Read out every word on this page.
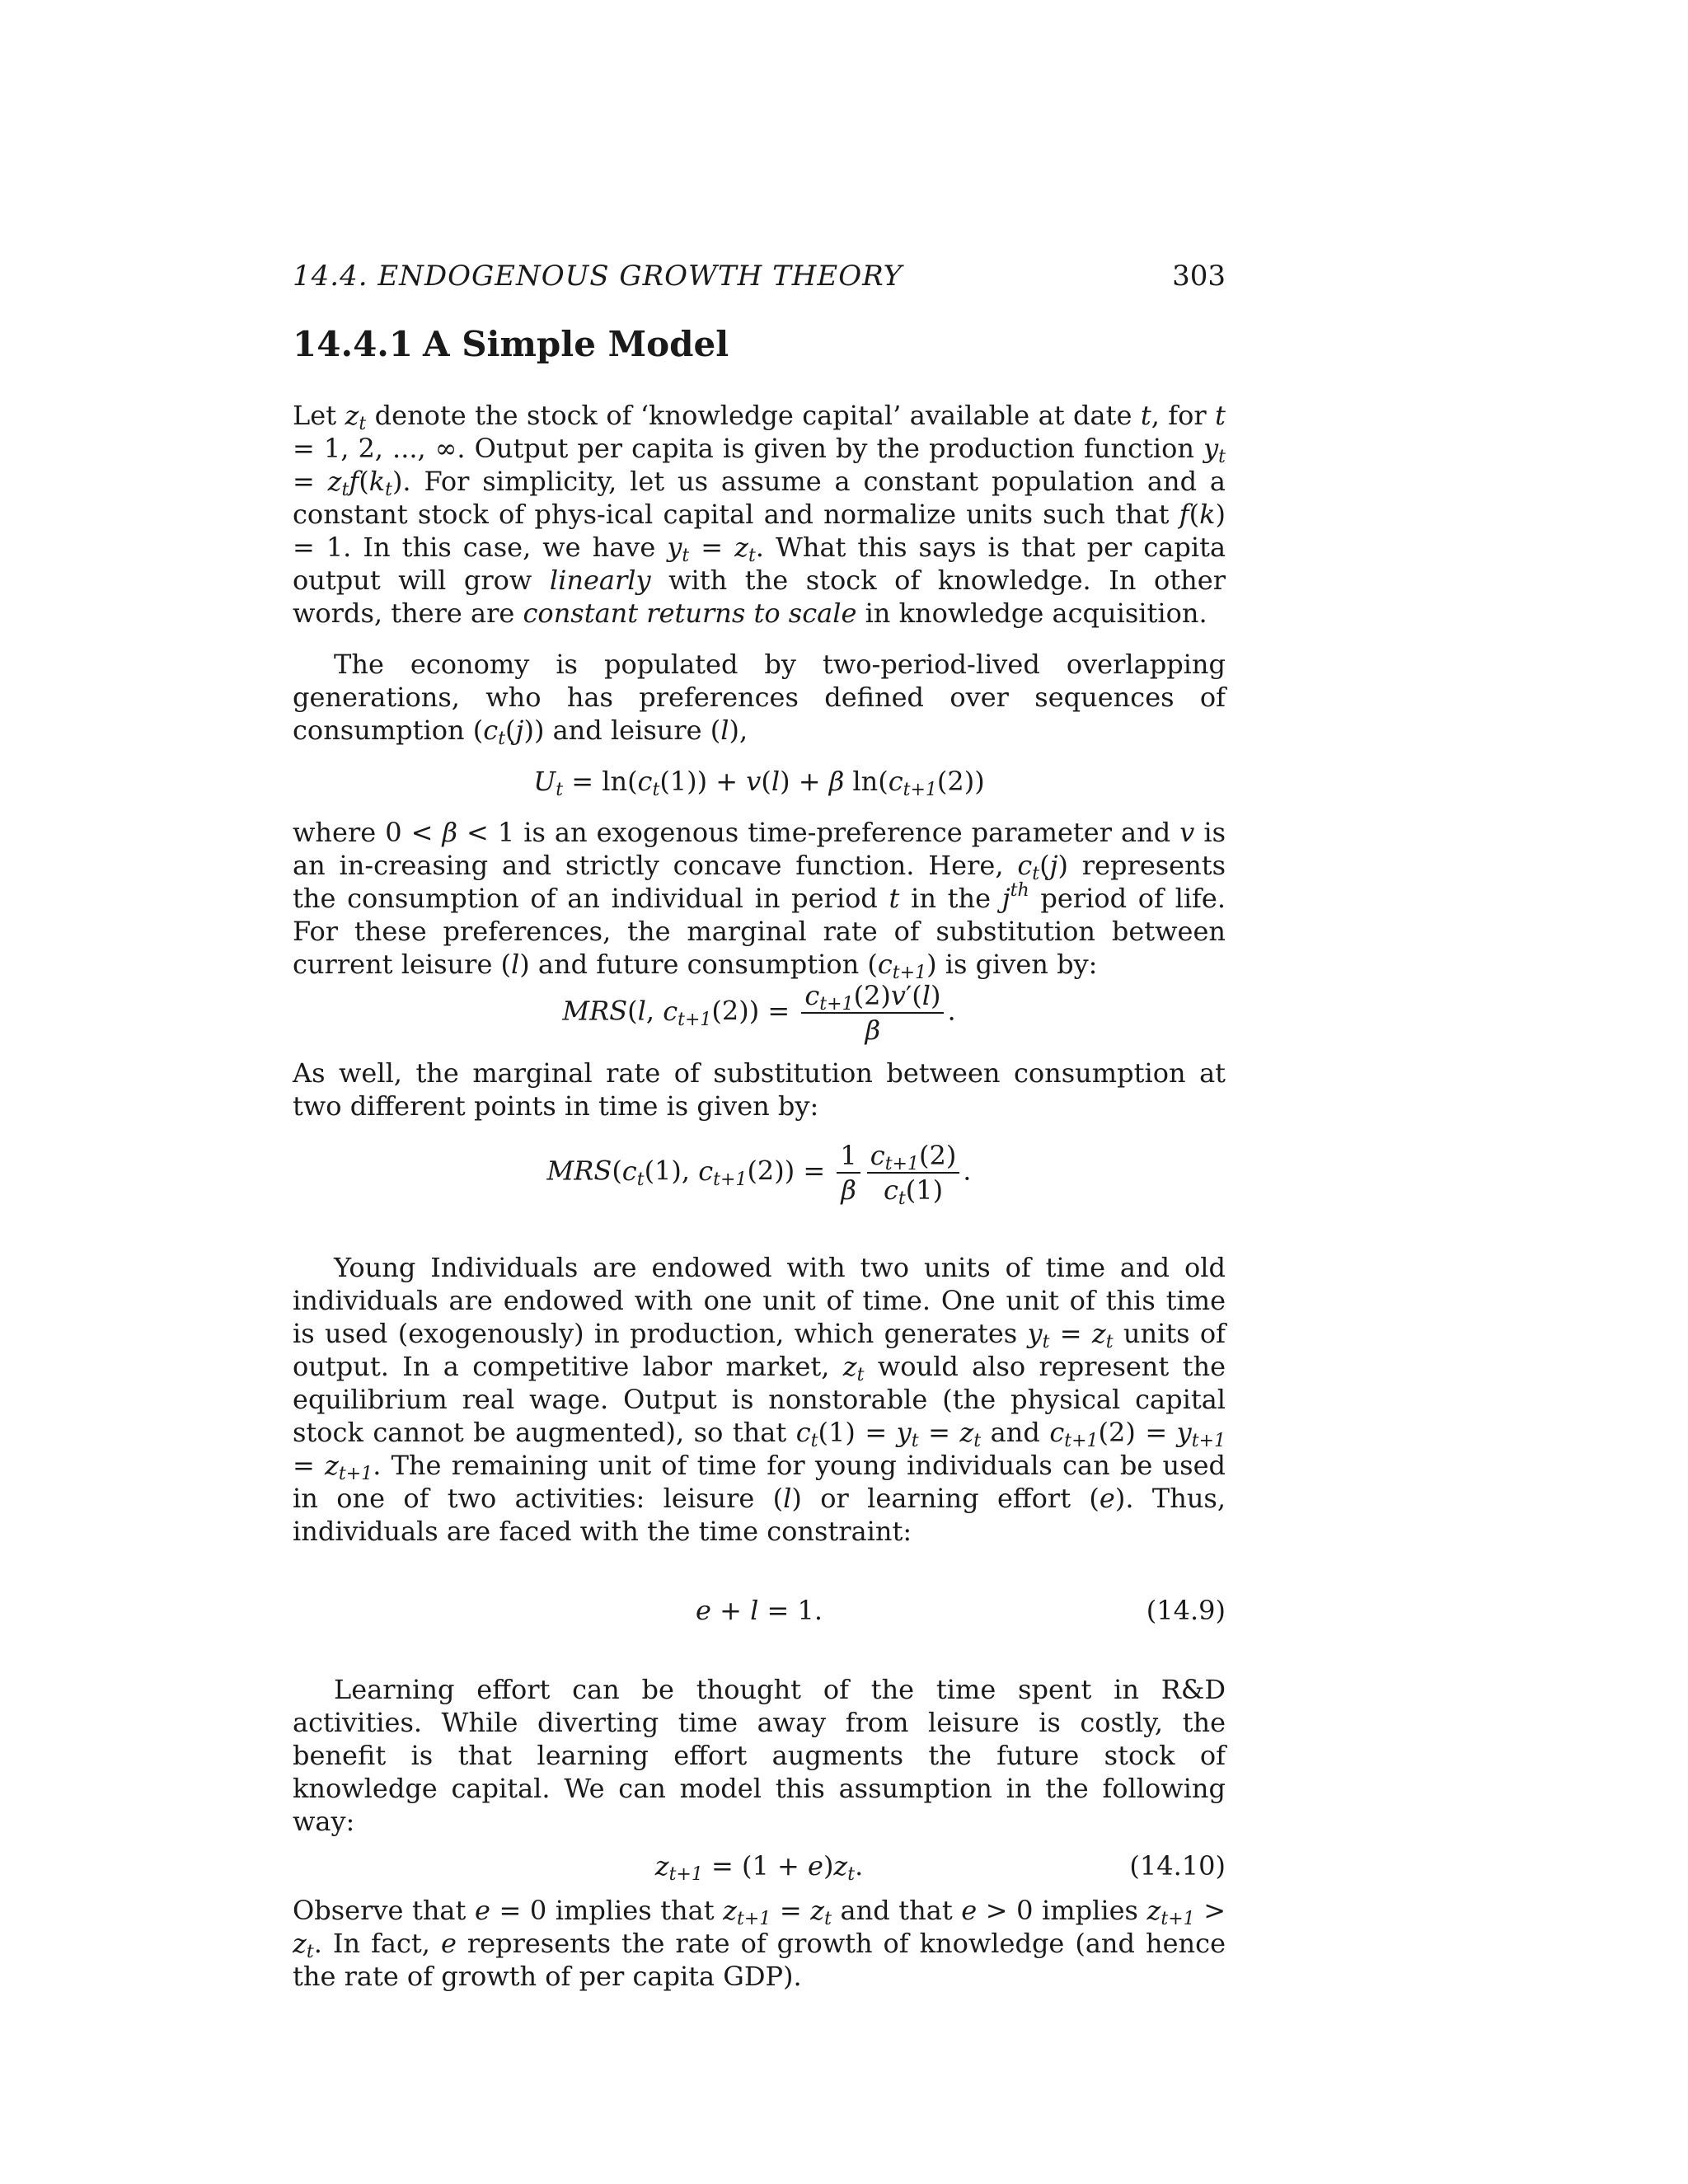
14.4. ENDOGENOUS GROWTH THEORY	303
14.4.1 A Simple Model

Let $z_t$ denote the stock of ‘knowledge capital’ available at date t, for t = 1, 2, ..., ∞. Output per capita is given by the production function $y_t = z_tf(k_t)$. For simplicity, let us assume a constant population and a constant stock of phys-ical capital and normalize units such that f(k) = 1. In this case, we have $y_t = z_t$. What this says is that per capita output will grow linearly with the stock of knowledge. In other words, there are constant returns to scale in knowledge acquisition.

The economy is populated by two-period-lived overlapping generations, who has preferences defined over sequences of consumption $(c_t(j))$ and leisure (l),

$U_t = \ln(c_t(1)) + v(l) + \beta$ $\ln(c_{t+1}(2))$

where 0 < β < 1 is an exogenous time-preference parameter and v is an in-creasing and strictly concave function. Here, $c_t(j)$ represents the consumption of an individual in period t in the $j^{th}$ period of life. For these preferences, the marginal rate of substitution between current leisure (l) and future consumption $(c_{t+1})$ is given by:

MRS(l, $c_{t+1}(2)) = \frac{c_{t+1}(2)v'(l)}{\beta}$ .

As well, the marginal rate of substitution between consumption at two different points in time is given by:

$MRS(c_t(1)$, $c_{t+1}(2)) = \frac{1}{\beta} \frac{c_{t+1}(2)}{c_t(1)}$ .

Young Individuals are endowed with two units of time and old individuals are endowed with one unit of time. One unit of this time is used (exogenously) in production, which generates $y_t = z_t$ units of output. In a competitive labor market, $z_t$ would also represent the equilibrium real wage. Output is nonstorable (the physical capital stock cannot be augmented), so that $c_t(1) = y_t = z_t$ and $c_{t+1}(2) = y_{t+1} = z_{t+1}$. The remaining unit of time for young individuals can be used in one of two activities: leisure (l) or learning effort (e). Thus, individuals are faced with the time constraint:

e + l = 1.	(14.9)

Learning effort can be thought of the time spent in R&D activities. While diverting time away from leisure is costly, the benefit is that learning effort augments the future stock of knowledge capital. We can model this assumption in the following way:

$z_{t+1} = (1 + e)z_t$.	(14.10)

Observe that e = 0 implies that $z_{t+1} = z_t$ and that e > 0 implies $z_{t+1} > z_t$. In fact, e represents the rate of growth of knowledge (and hence the rate of growth of per capita GDP).
